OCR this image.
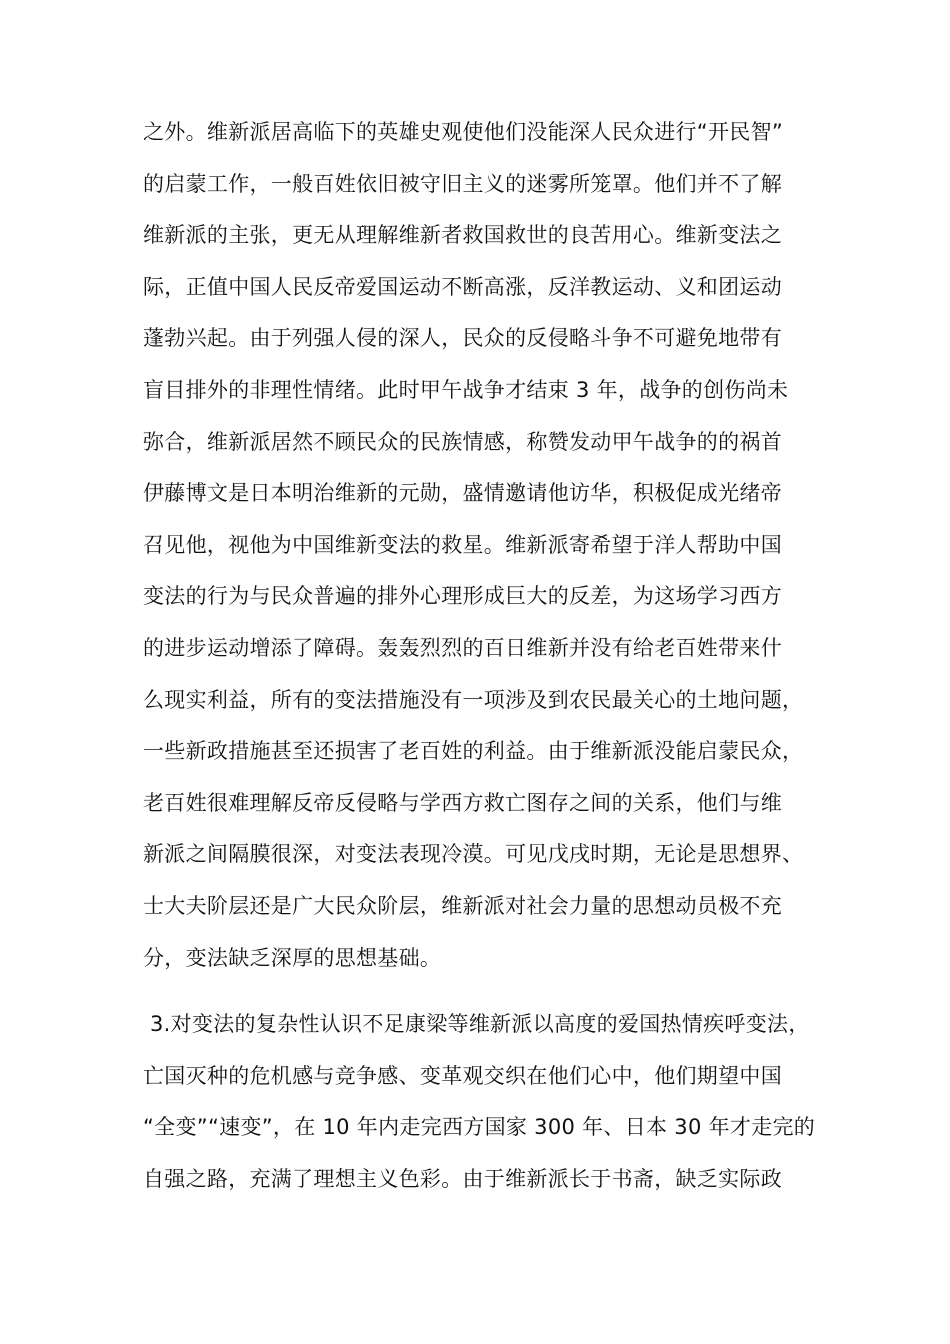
之外。维新派居高临下的英雄史观使他们没能深人民众进行“开民智”
的启蒙工作，一般百姓依旧被守旧主义的迷雾所笼罩。他们并不了解
维新派的主张，更无从理解维新者救国救世的良苦用心。维新变法之
际，正值中国人民反帝爱国运动不断高涨，反洋教运动、义和团运动
蓬勃兴起。由于列强人侵的深人，民众的反侵略斗争不可避免地带有
盲目排外的非理性情绪。此时甲午战争才结束 3 年，战争的创伤尚未
弥合，维新派居然不顾民众的民族情感，称赞发动甲午战争的的祸首
伊藤博文是日本明治维新的元勋，盛情邀请他访华，积极促成光绪帝
召见他，视他为中国维新变法的救星。维新派寄希望于洋人帮助中国
变法的行为与民众普遍的排外心理形成巨大的反差，为这场学习西方
的进步运动增添了障碍。轰轰烈烈的百日维新并没有给老百姓带来什
么现实利益，所有的变法措施没有一项涉及到农民最关心的土地问题，
一些新政措施甚至还损害了老百姓的利益。由于维新派没能启蒙民众，
老百姓很难理解反帝反侵略与学西方救亡图存之间的关系，他们与维
新派之间隔膜很深，对变法表现冷漠。可见戊戌时期，无论是思想界、
士大夫阶层还是广大民众阶层，维新派对社会力量的思想动员极不充
分，变法缺乏深厚的思想基础。
3.对变法的复杂性认识不足康梁等维新派以高度的爱国热情疾呼变法，
亡国灭种的危机感与竞争感、变革观交织在他们心中，他们期望中国
“全变”“速变”，在 10 年内走完西方国家 300 年、日本 30 年才走完的
自强之路，充满了理想主义色彩。由于维新派长于书斋，缺乏实际政
